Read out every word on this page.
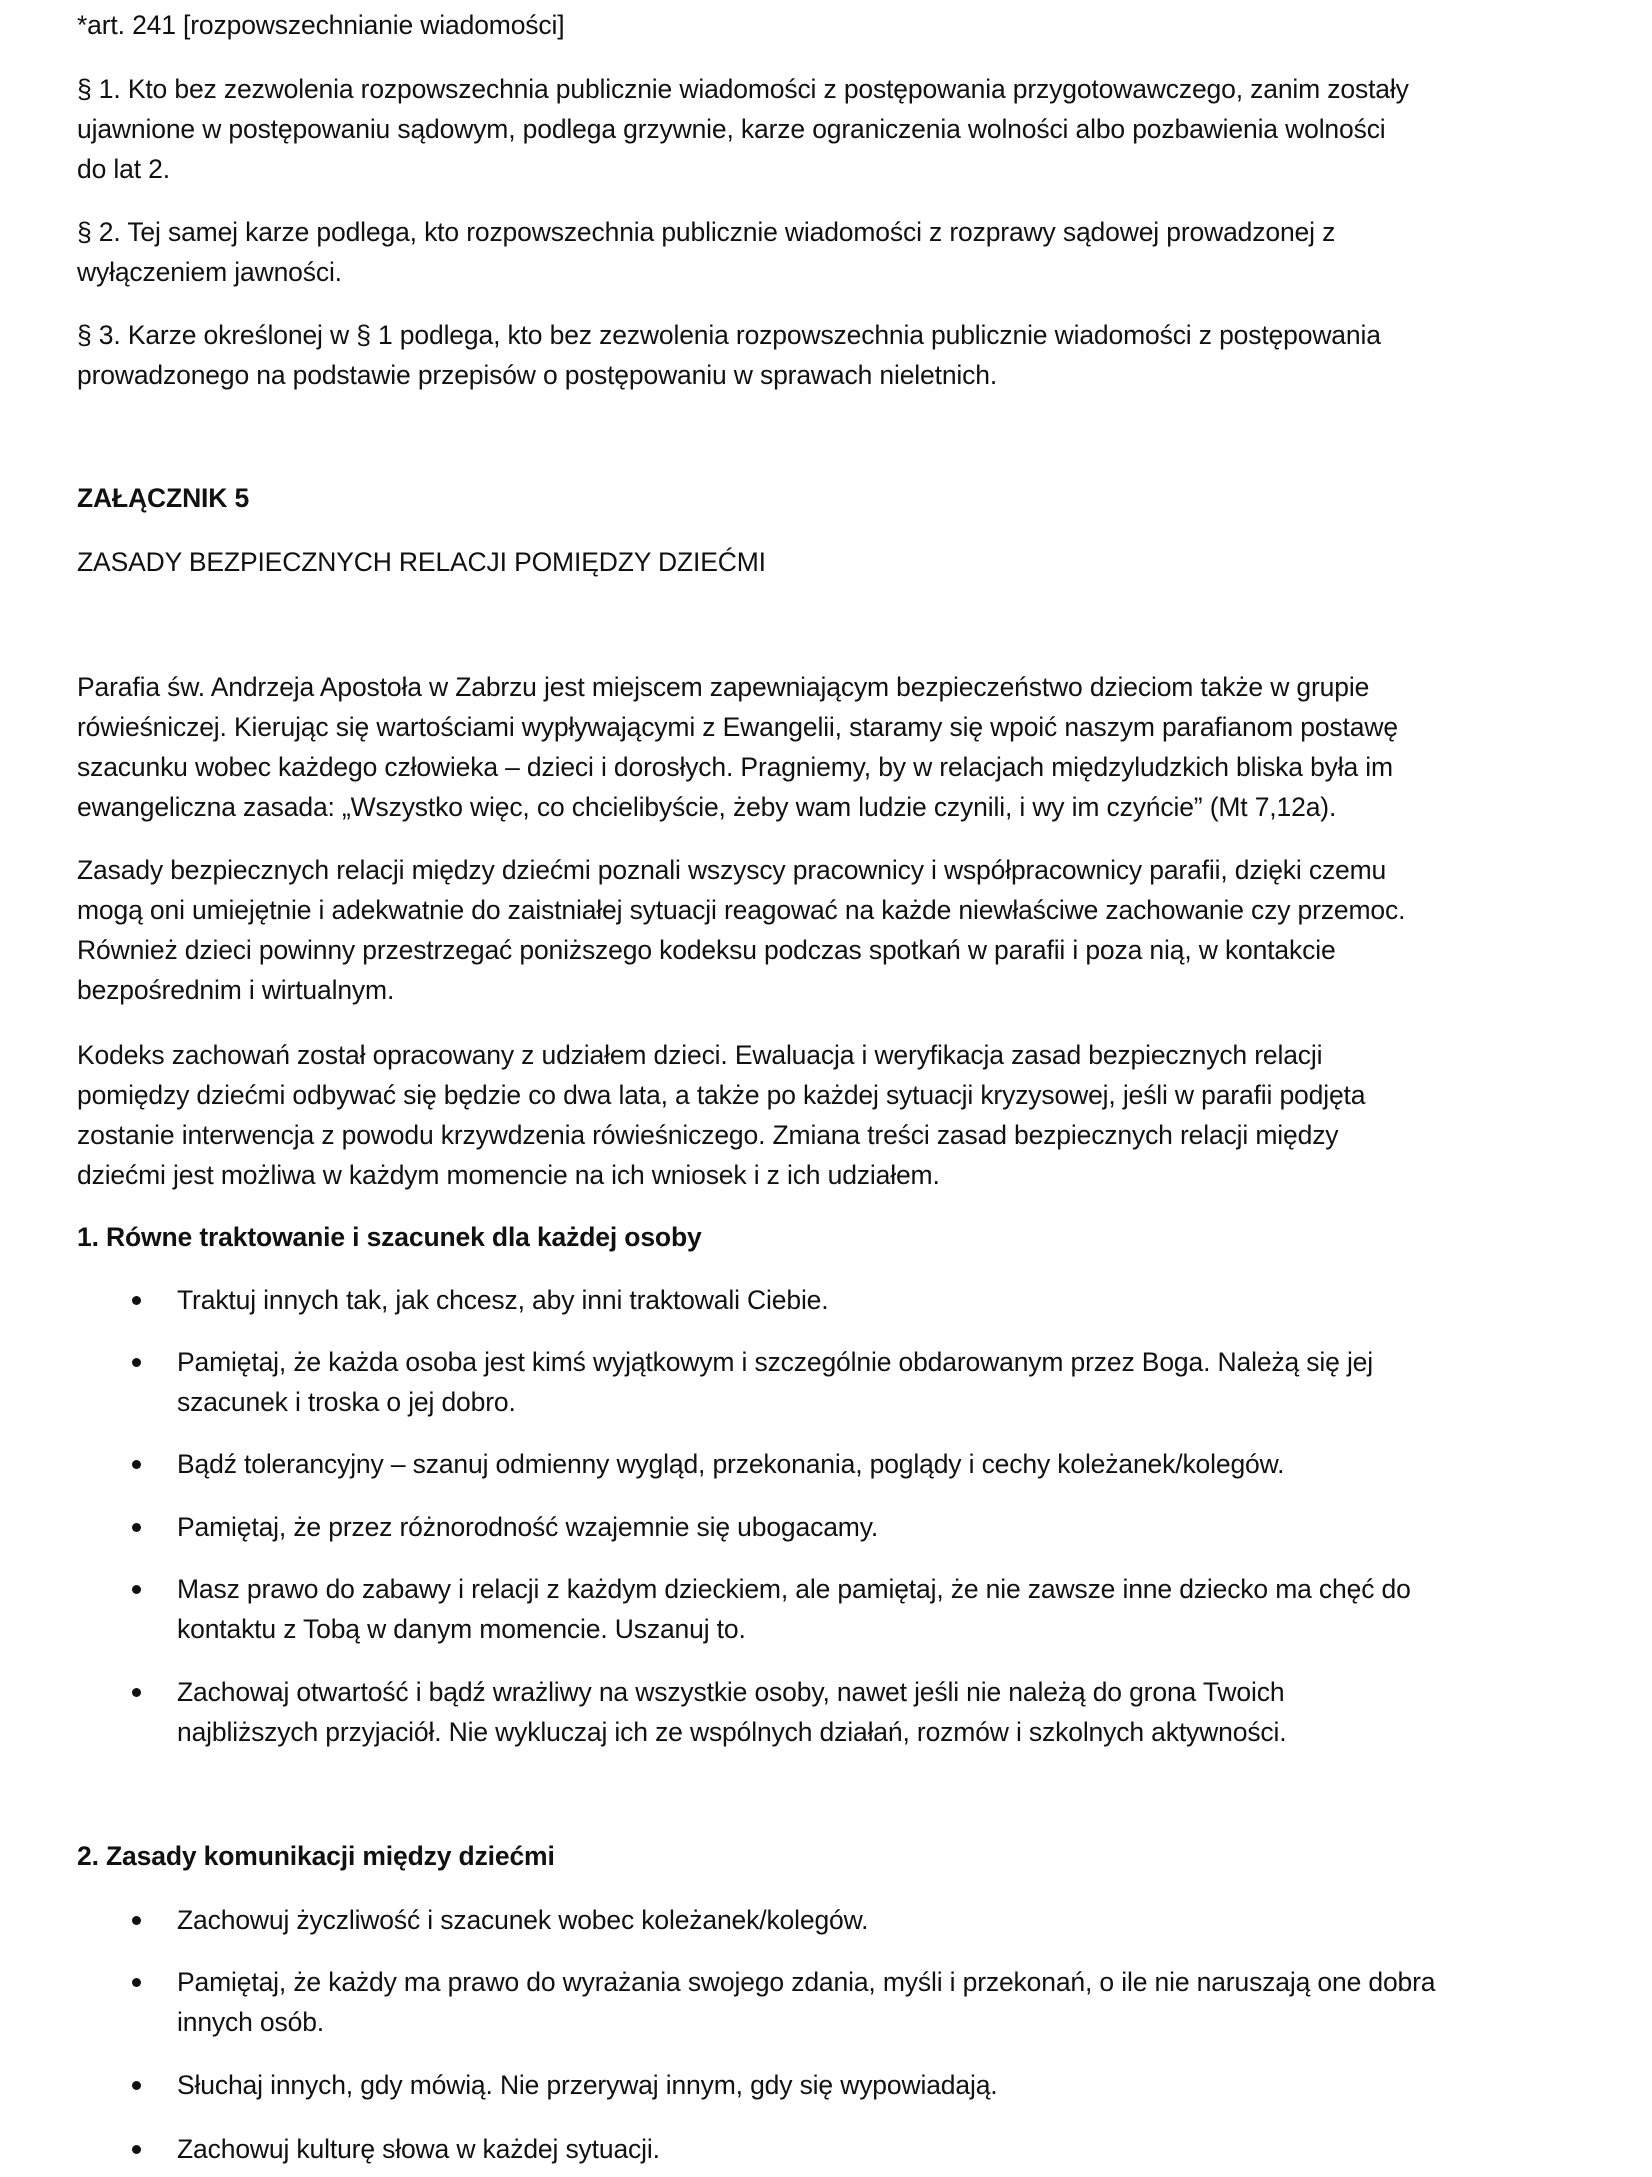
*art. 241 [rozpowszechnianie wiadomości]
§ 1. Kto bez zezwolenia rozpowszechnia publicznie wiadomości z postępowania przygotowawczego, zanim zostały
ujawnione w postępowaniu sądowym, podlega grzywnie, karze ograniczenia wolności albo pozbawienia wolności
do lat 2.
§ 2. Tej samej karze podlega, kto rozpowszechnia publicznie wiadomości z rozprawy sądowej prowadzonej z
wyłączeniem jawności.
§ 3. Karze określonej w § 1 podlega, kto bez zezwolenia rozpowszechnia publicznie wiadomości z postępowania
prowadzonego na podstawie przepisów o postępowaniu w sprawach nieletnich.
ZAŁĄCZNIK 5
ZASADY BEZPIECZNYCH RELACJI POMIĘDZY DZIEĆMI
Parafia św. Andrzeja Apostoła w Zabrzu jest miejscem zapewniającym bezpieczeństwo dzieciom także w grupie
rówieśniczej. Kierując się wartościami wypływającymi z Ewangelii, staramy się wpoić naszym parafianom postawę
szacunku wobec każdego człowieka – dzieci i dorosłych. Pragniemy, by w relacjach międzyludzkich bliska była im
ewangeliczna zasada: „Wszystko więc, co chcielibyście, żeby wam ludzie czynili, i wy im czyńcie” (Mt 7,12a).
Zasady bezpiecznych relacji między dziećmi poznali wszyscy pracownicy i współpracownicy parafii, dzięki czemu
mogą oni umiejętnie i adekwatnie do zaistniałej sytuacji reagować na każde niewłaściwe zachowanie czy przemoc.
Również dzieci powinny przestrzegać poniższego kodeksu podczas spotkań w parafii i poza nią, w kontakcie
bezpośrednim i wirtualnym.
Kodeks zachowań został opracowany z udziałem dzieci. Ewaluacja i weryfikacja zasad bezpiecznych relacji
pomiędzy dziećmi odbywać się będzie co dwa lata, a także po każdej sytuacji kryzysowej, jeśli w parafii podjęta
zostanie interwencja z powodu krzywdzenia rówieśniczego. Zmiana treści zasad bezpiecznych relacji między
dziećmi jest możliwa w każdym momencie na ich wniosek i z ich udziałem.
1. Równe traktowanie i szacunek dla każdej osoby
Traktuj innych tak, jak chcesz, aby inni traktowali Ciebie.
Pamiętaj, że każda osoba jest kimś wyjątkowym i szczególnie obdarowanym przez Boga. Należą się jej
szacunek i troska o jej dobro.
Bądź tolerancyjny – szanuj odmienny wygląd, przekonania, poglądy i cechy koleżanek/kolegów.
Pamiętaj, że przez różnorodność wzajemnie się ubogacamy.
Masz prawo do zabawy i relacji z każdym dzieckiem, ale pamiętaj, że nie zawsze inne dziecko ma chęć do
kontaktu z Tobą w danym momencie. Uszanuj to.
Zachowaj otwartość i bądź wrażliwy na wszystkie osoby, nawet jeśli nie należą do grona Twoich
najbliższych przyjaciół. Nie wykluczaj ich ze wspólnych działań, rozmów i szkolnych aktywności.
2. Zasady komunikacji między dziećmi
Zachowuj życzliwość i szacunek wobec koleżanek/kolegów.
Pamiętaj, że każdy ma prawo do wyrażania swojego zdania, myśli i przekonań, o ile nie naruszają one dobra
innych osób.
Słuchaj innych, gdy mówią. Nie przerywaj innym, gdy się wypowiadają.
Zachowuj kulturę słowa w każdej sytuacji.
